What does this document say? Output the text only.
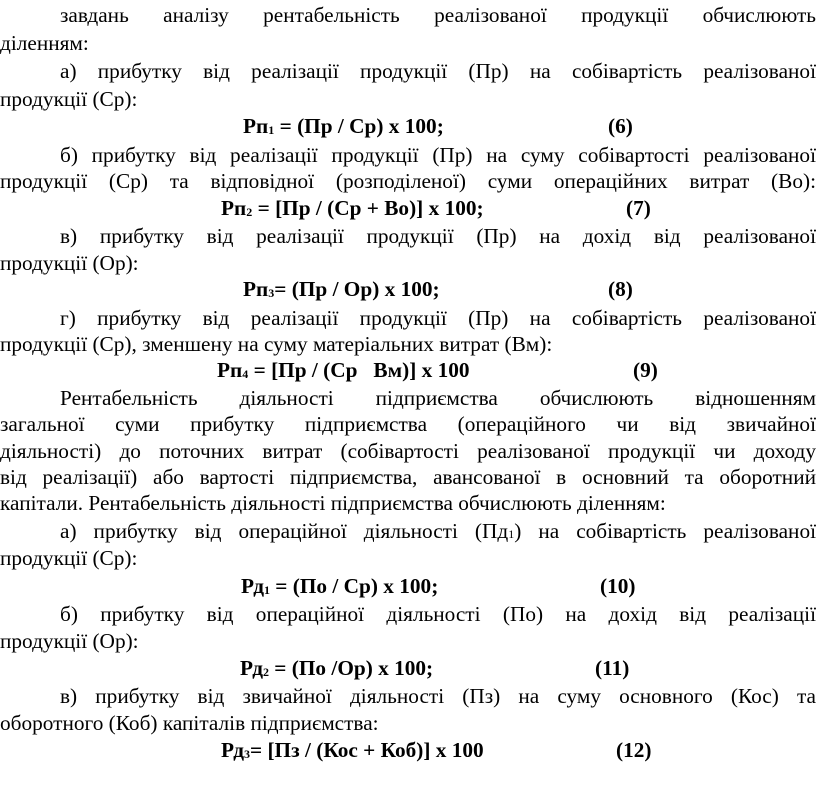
завдань аналізу рентабельність реалізованої продукції обчислюють
діленням:
а) прибутку від реалізації продукції (Пр) на собівартість реалізованої
продукції (Ср):
$Рп_1 = (Пр / Ср)$ х 100;	(6)
б) прибутку від реалізації продукції (Пр) на суму собівартості реалізованої
продукції (Ср) та відповідної (розподіленої) суми операційних витрат (Во):
$Рп_2 = [Пр / (Ср + Во)]$ х 100;	(7)
в) прибутку від реалізації продукції (Пр) на дохід від реалізованої
продукції (Ор):
$Рп_3= (Пр / Ор)$ х 100;	(8)
г) прибутку від реалізації продукції (Пр) на собівартість реалізованої
продукції (Ср), зменшену на суму матеріальних витрат (Вм):
$Рп_4 = [Пр / (Ср$   Вм)] х 100	(9)
Рентабельність діяльності підприємства обчислюють відношенням
загальної суми прибутку підприємства (операційного чи від звичайної
діяльності) до поточних витрат (собівартості реалізованої продукції чи доходу
від реалізації) або вартості підприємства, авансованої в основний та оборотний
капітали. Рентабельність діяльності підприємства обчислюють діленням:
а) прибутку від операційної діяльності (Пд1) на собівартість реалізованої
продукції (Ср):
$Рд_1 = (По / Ср)$ х 100;	(10)
б) прибутку від операційної діяльності (По) на дохід від реалізації
продукції (Ор):
$Рд_2 = (По$ /Ор) х 100;	(11)
в) прибутку від звичайної діяльності (Пз) на суму основного (Кос) та
оборотного (Коб) капіталів підприємства:
$Рд_3= [Пз / (Кос + Коб)]$ х 100	(12)
